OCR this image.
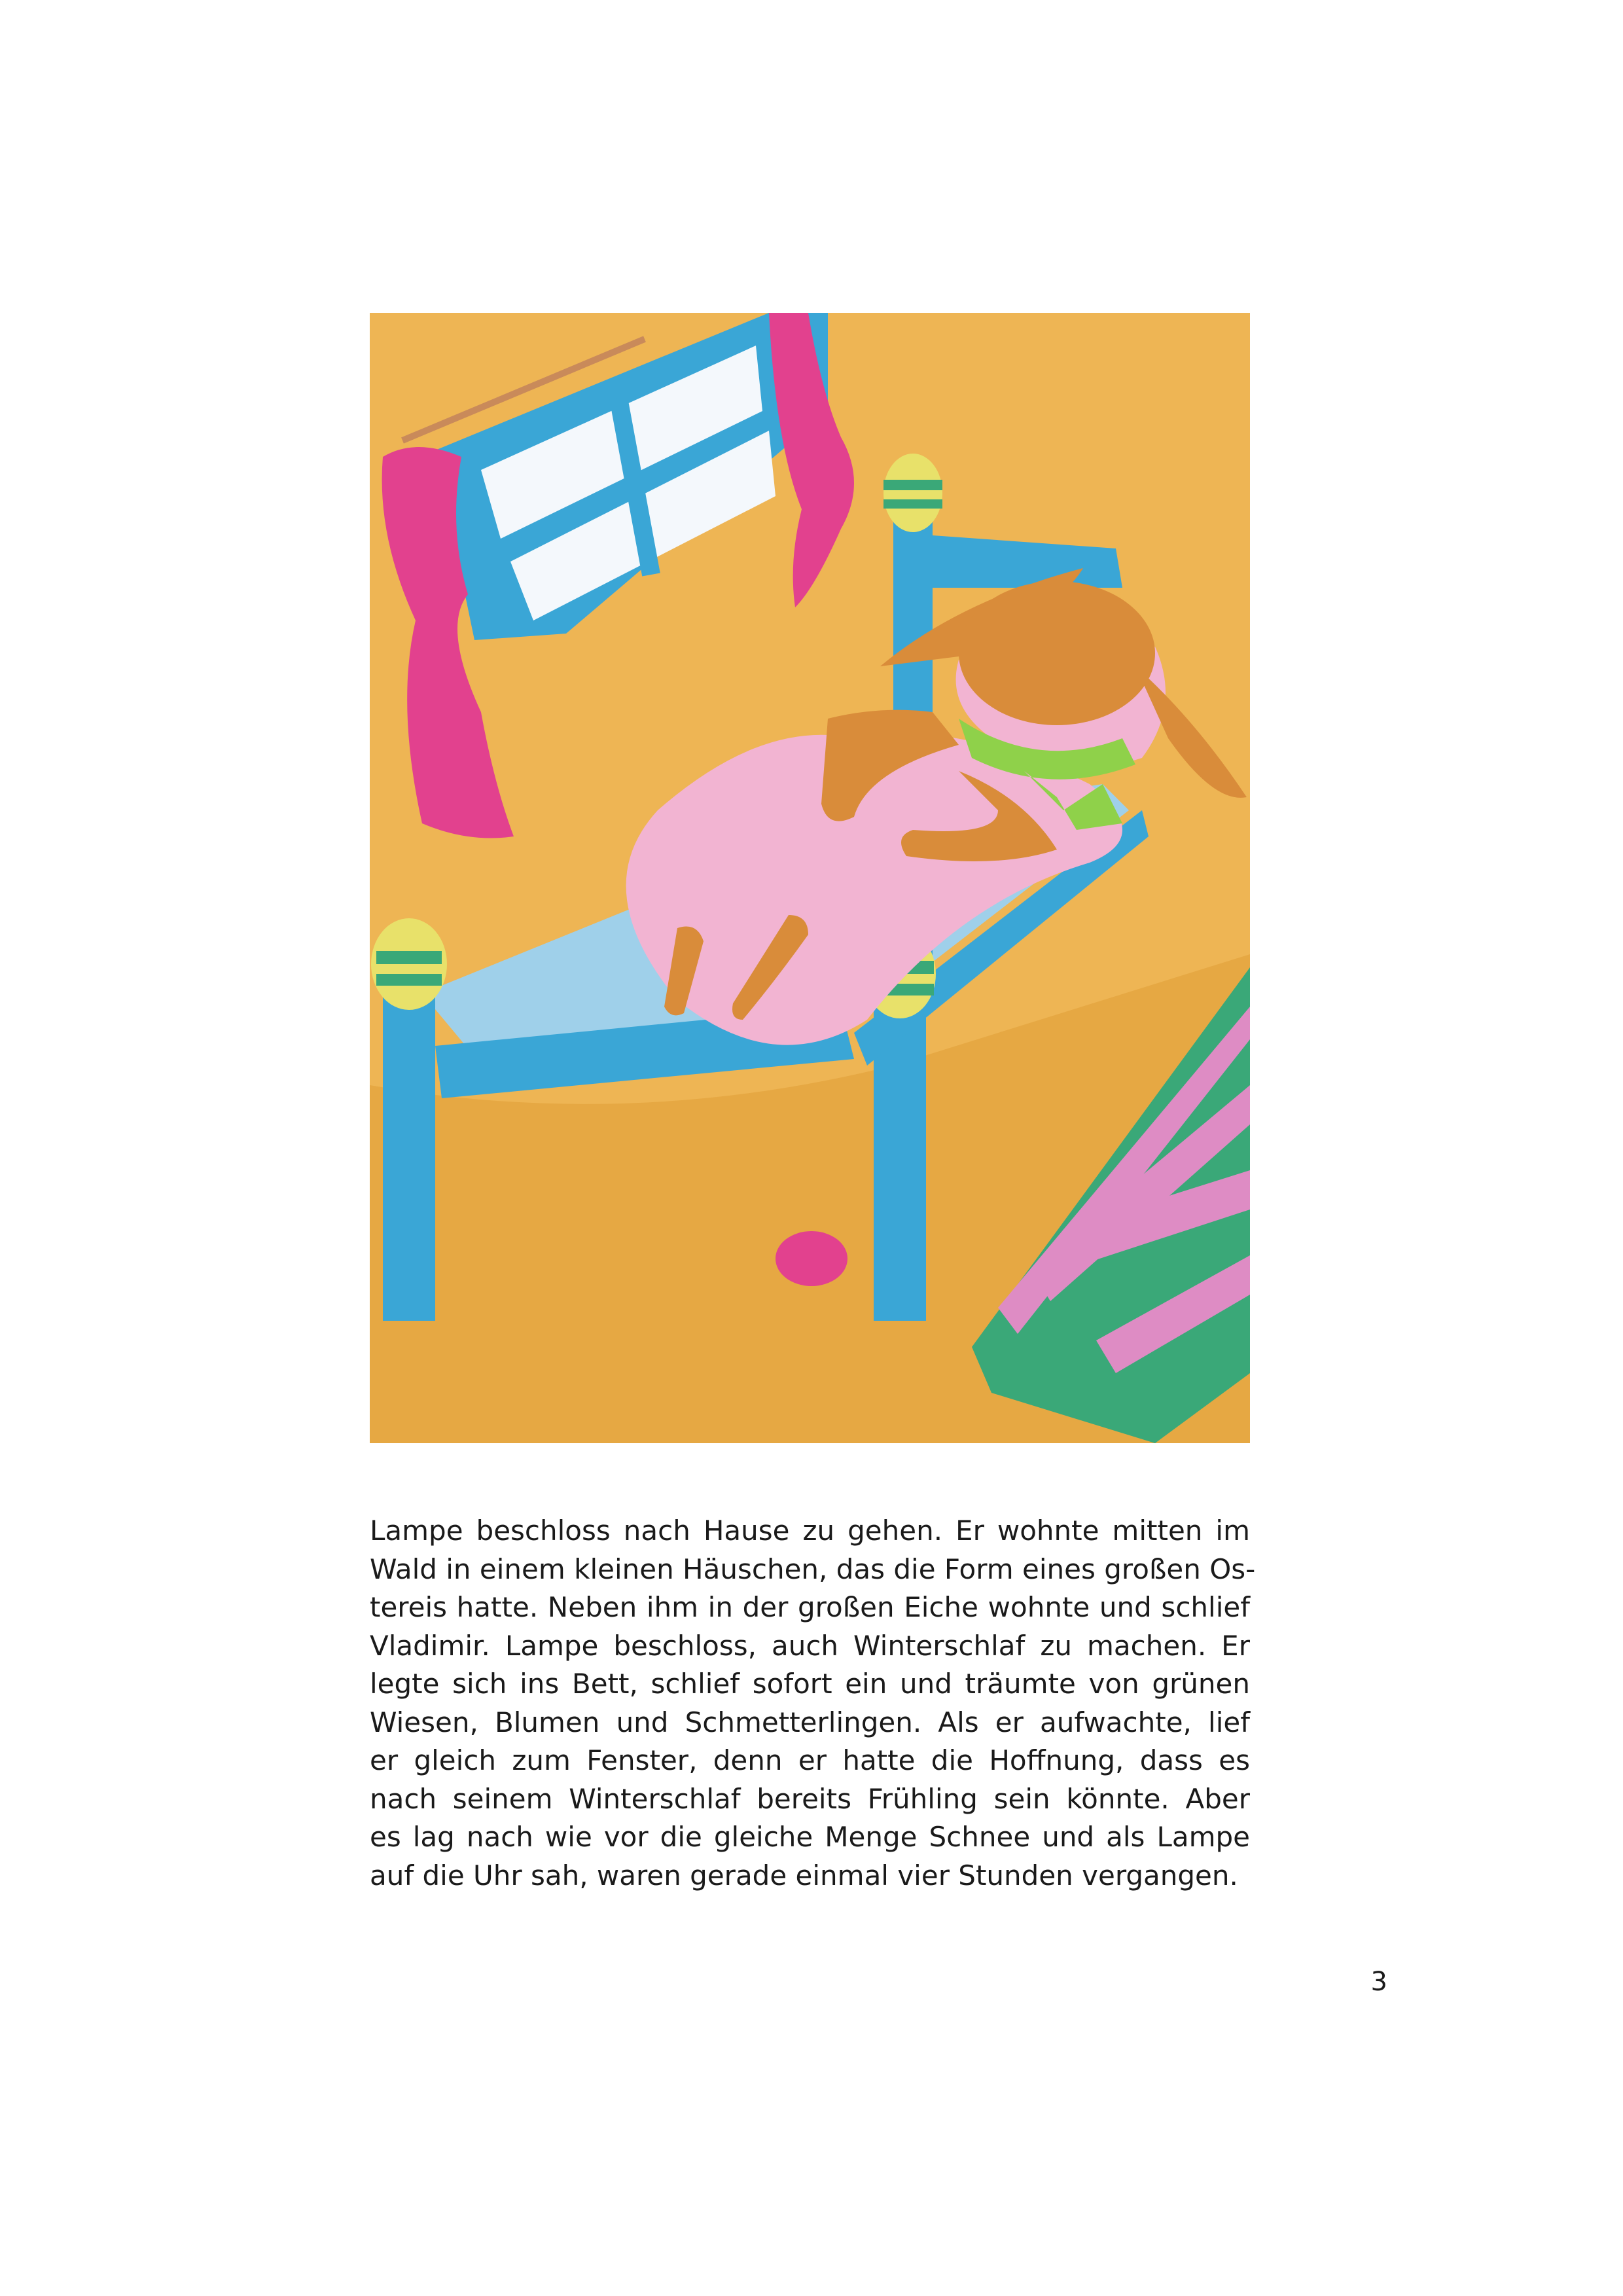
Lampe beschloss nach Hause zu gehen. Er wohnte mitten im
Wald in einem kleinen Häuschen, das die Form eines großen Os-
tereis hatte. Neben ihm in der großen Eiche wohnte und schlief
Vladimir. Lampe beschloss, auch Winterschlaf zu machen. Er
legte sich ins Bett, schlief sofort ein und träumte von grünen
Wiesen, Blumen und Schmetterlingen. Als er aufwachte, lief
er gleich zum Fenster, denn er hatte die Hoffnung, dass es
nach seinem Winterschlaf bereits Frühling sein könnte. Aber
es lag nach wie vor die gleiche Menge Schnee und als Lampe
auf die Uhr sah, waren gerade einmal vier Stunden vergangen.
3
